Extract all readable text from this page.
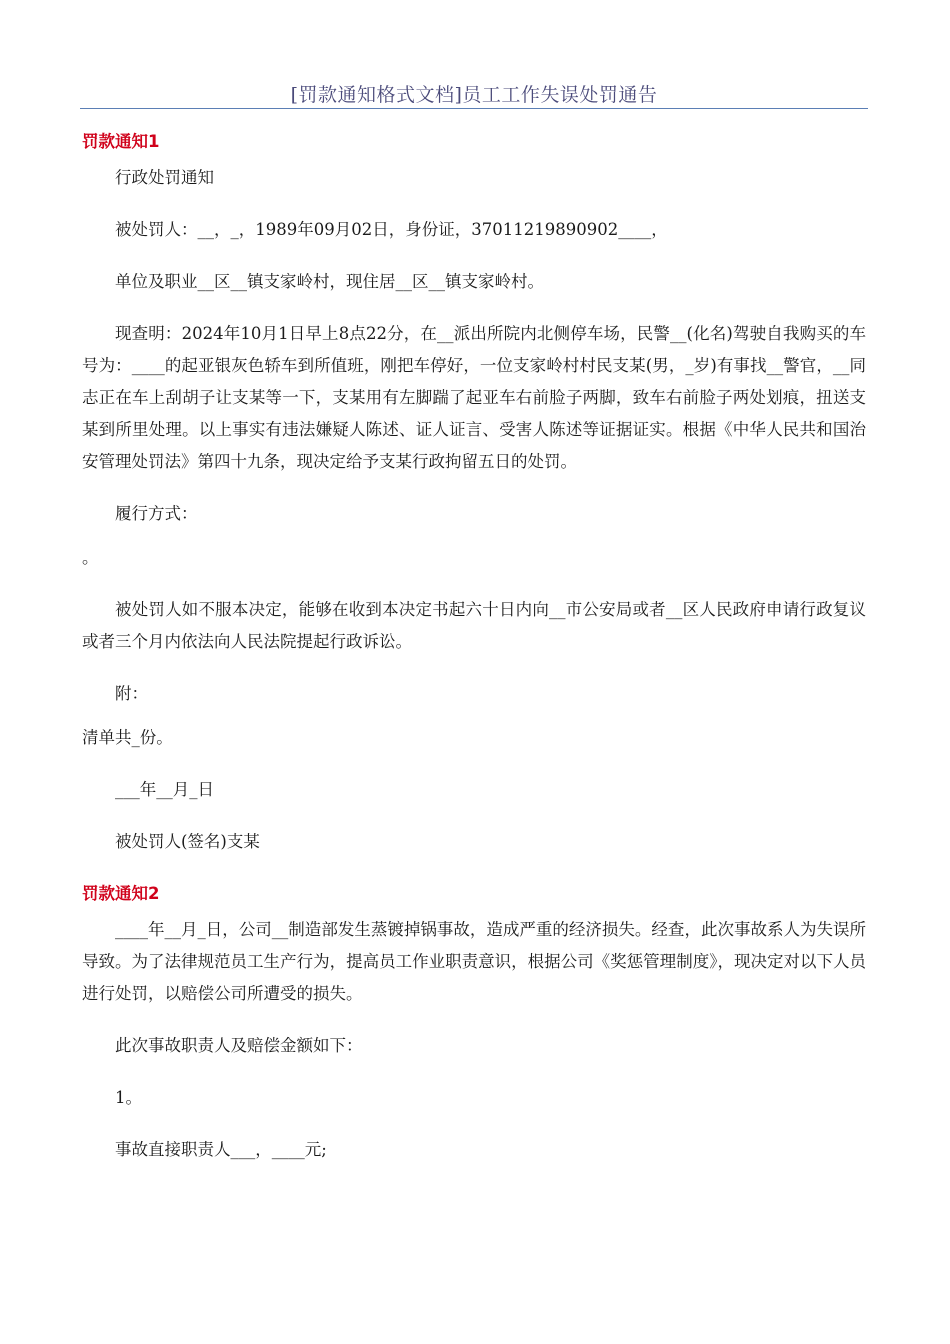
[罚款通知格式文档]员工工作失误处罚通告
罚款通知1
行政处罚通知
被处罚人：__，_，1989年09月02日，身份证，37011219890902____，
单位及职业__区__镇支家岭村，现住居__区__镇支家岭村。
现查明：2024年10月1日早上8点22分，在__派出所院内北侧停车场，民警__(化名)驾驶自我购买的车号为：____的起亚银灰色轿车到所值班，刚把车停好，一位支家岭村村民支某(男，_岁)有事找__警官，__同志正在车上刮胡子让支某等一下，支某用有左脚踹了起亚车右前脸子两脚，致车右前脸子两处划痕，扭送支某到所里处理。以上事实有违法嫌疑人陈述、证人证言、受害人陈述等证据证实。根据《中华人民共和国治安管理处罚法》第四十九条，现决定给予支某行政拘留五日的处罚。
履行方式：
。
被处罚人如不服本决定，能够在收到本决定书起六十日内向__市公安局或者__区人民政府申请行政复议或者三个月内依法向人民法院提起行政诉讼。
附：
清单共_份。
___年__月_日
被处罚人(签名)支某
罚款通知2
____年__月_日，公司__制造部发生蒸镀掉锅事故，造成严重的经济损失。经查，此次事故系人为失误所导致。为了法律规范员工生产行为，提高员工作业职责意识，根据公司《奖惩管理制度》，现决定对以下人员进行处罚，以赔偿公司所遭受的损失。
此次事故职责人及赔偿金额如下：
1。
事故直接职责人___，____元;
